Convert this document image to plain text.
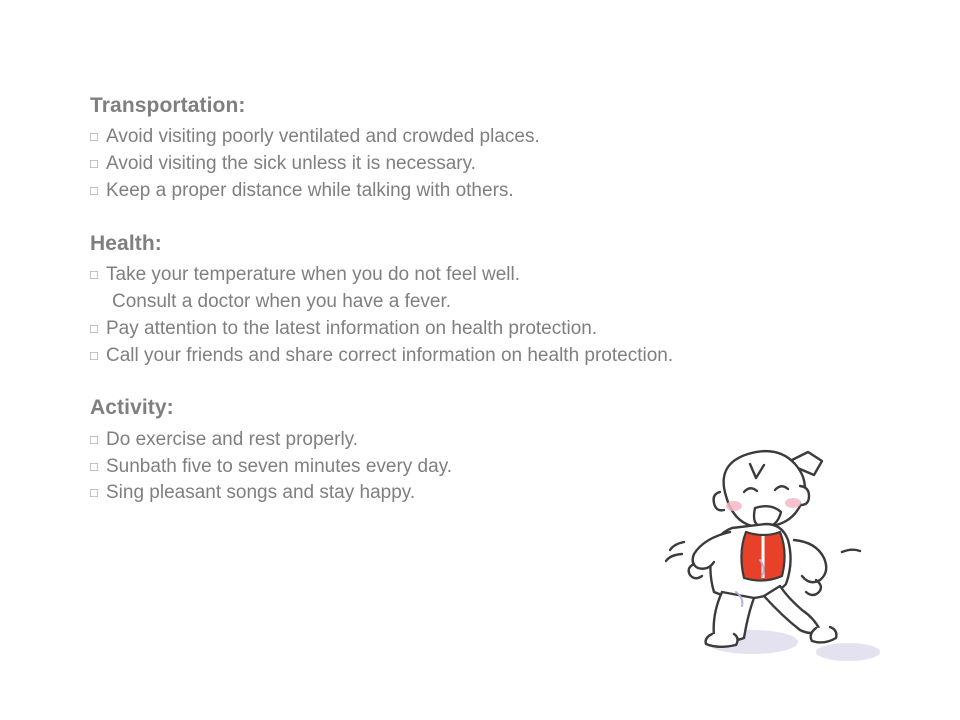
Transportation:
□ Avoid visiting poorly ventilated and crowded places.
□ Avoid visiting the sick unless it is necessary.
□ Keep a proper distance while talking with others.
Health:
□ Take your temperature when you do not feel well.
Consult a doctor when you have a fever.
□ Pay attention to the latest information on health protection.
□ Call your friends and share correct information on health protection.
Activity:
□ Do exercise and rest properly.
□ Sunbath five to seven minutes every day.
□ Sing pleasant songs and stay happy.
